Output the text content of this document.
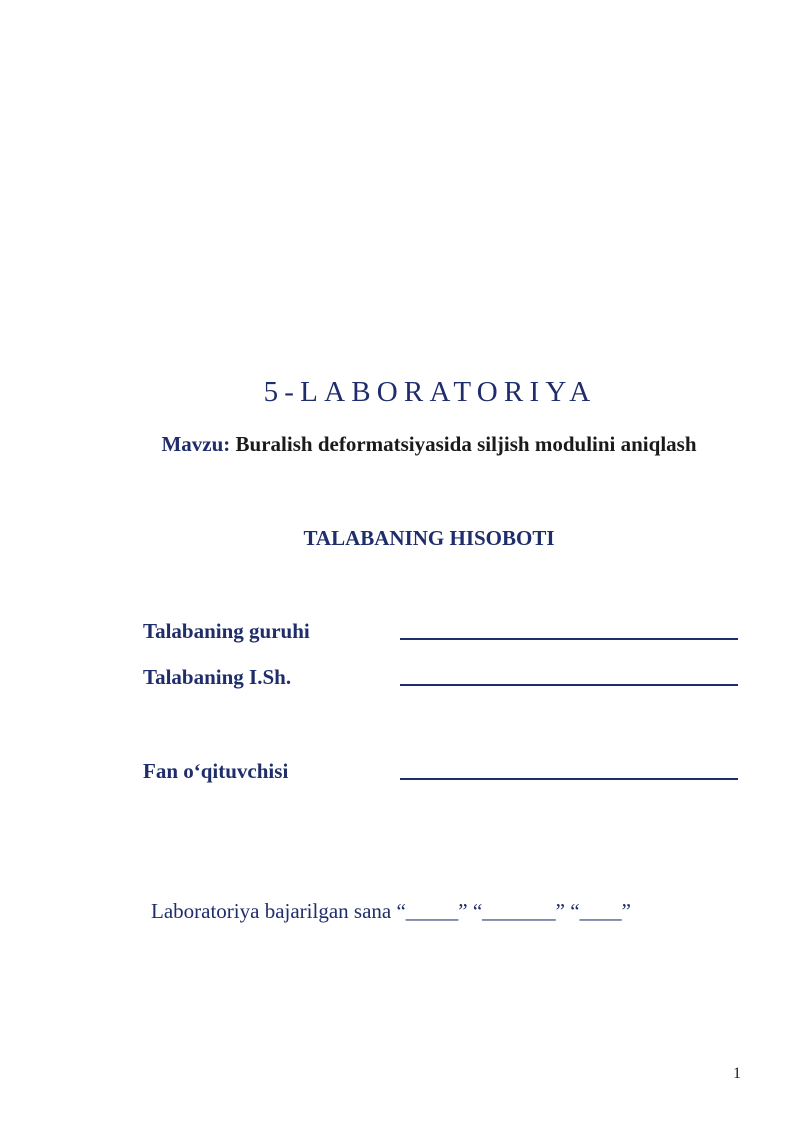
5-LABORATORIYA
Mavzu: Buralish deformatsiyasida siljish modulini aniqlash
TALABANING HISOBOTI
Talabaning guruhi
Talabaning I.Sh.
Fan o‘qituvchisi
Laboratoriya bajarilgan sana “_____” “_______” “____”
1
